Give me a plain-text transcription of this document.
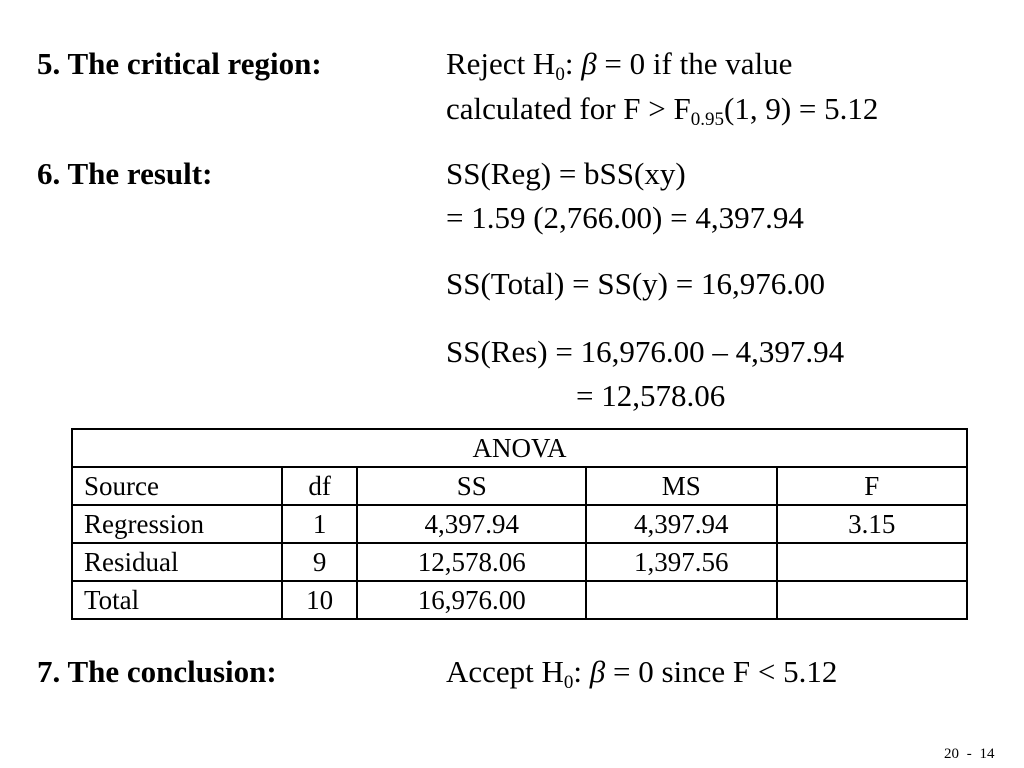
5. The critical region:	Reject $H_0$: β = 0 if the value
calculated for $F > F_{0.95}(1$, 9) = 5.12
6. The result:	SS(Reg) = bSS(xy)
= 1.59 (2,766.00) = 4,397.94
SS(Total) = SS(y) = 16,976.00
SS(Res) = 16,976.00 – 4,397.94
= 12,578.06
ANOVA				
Source	df	SS	MS	F
Regression	1	4,397.94	4,397.94	3.15
Residual	9	12,578.06	1,397.56	
Total	10	16,976.00		
7. The conclusion:	Accept $H_0$: β = 0 since F < 5.12
20 - 14
